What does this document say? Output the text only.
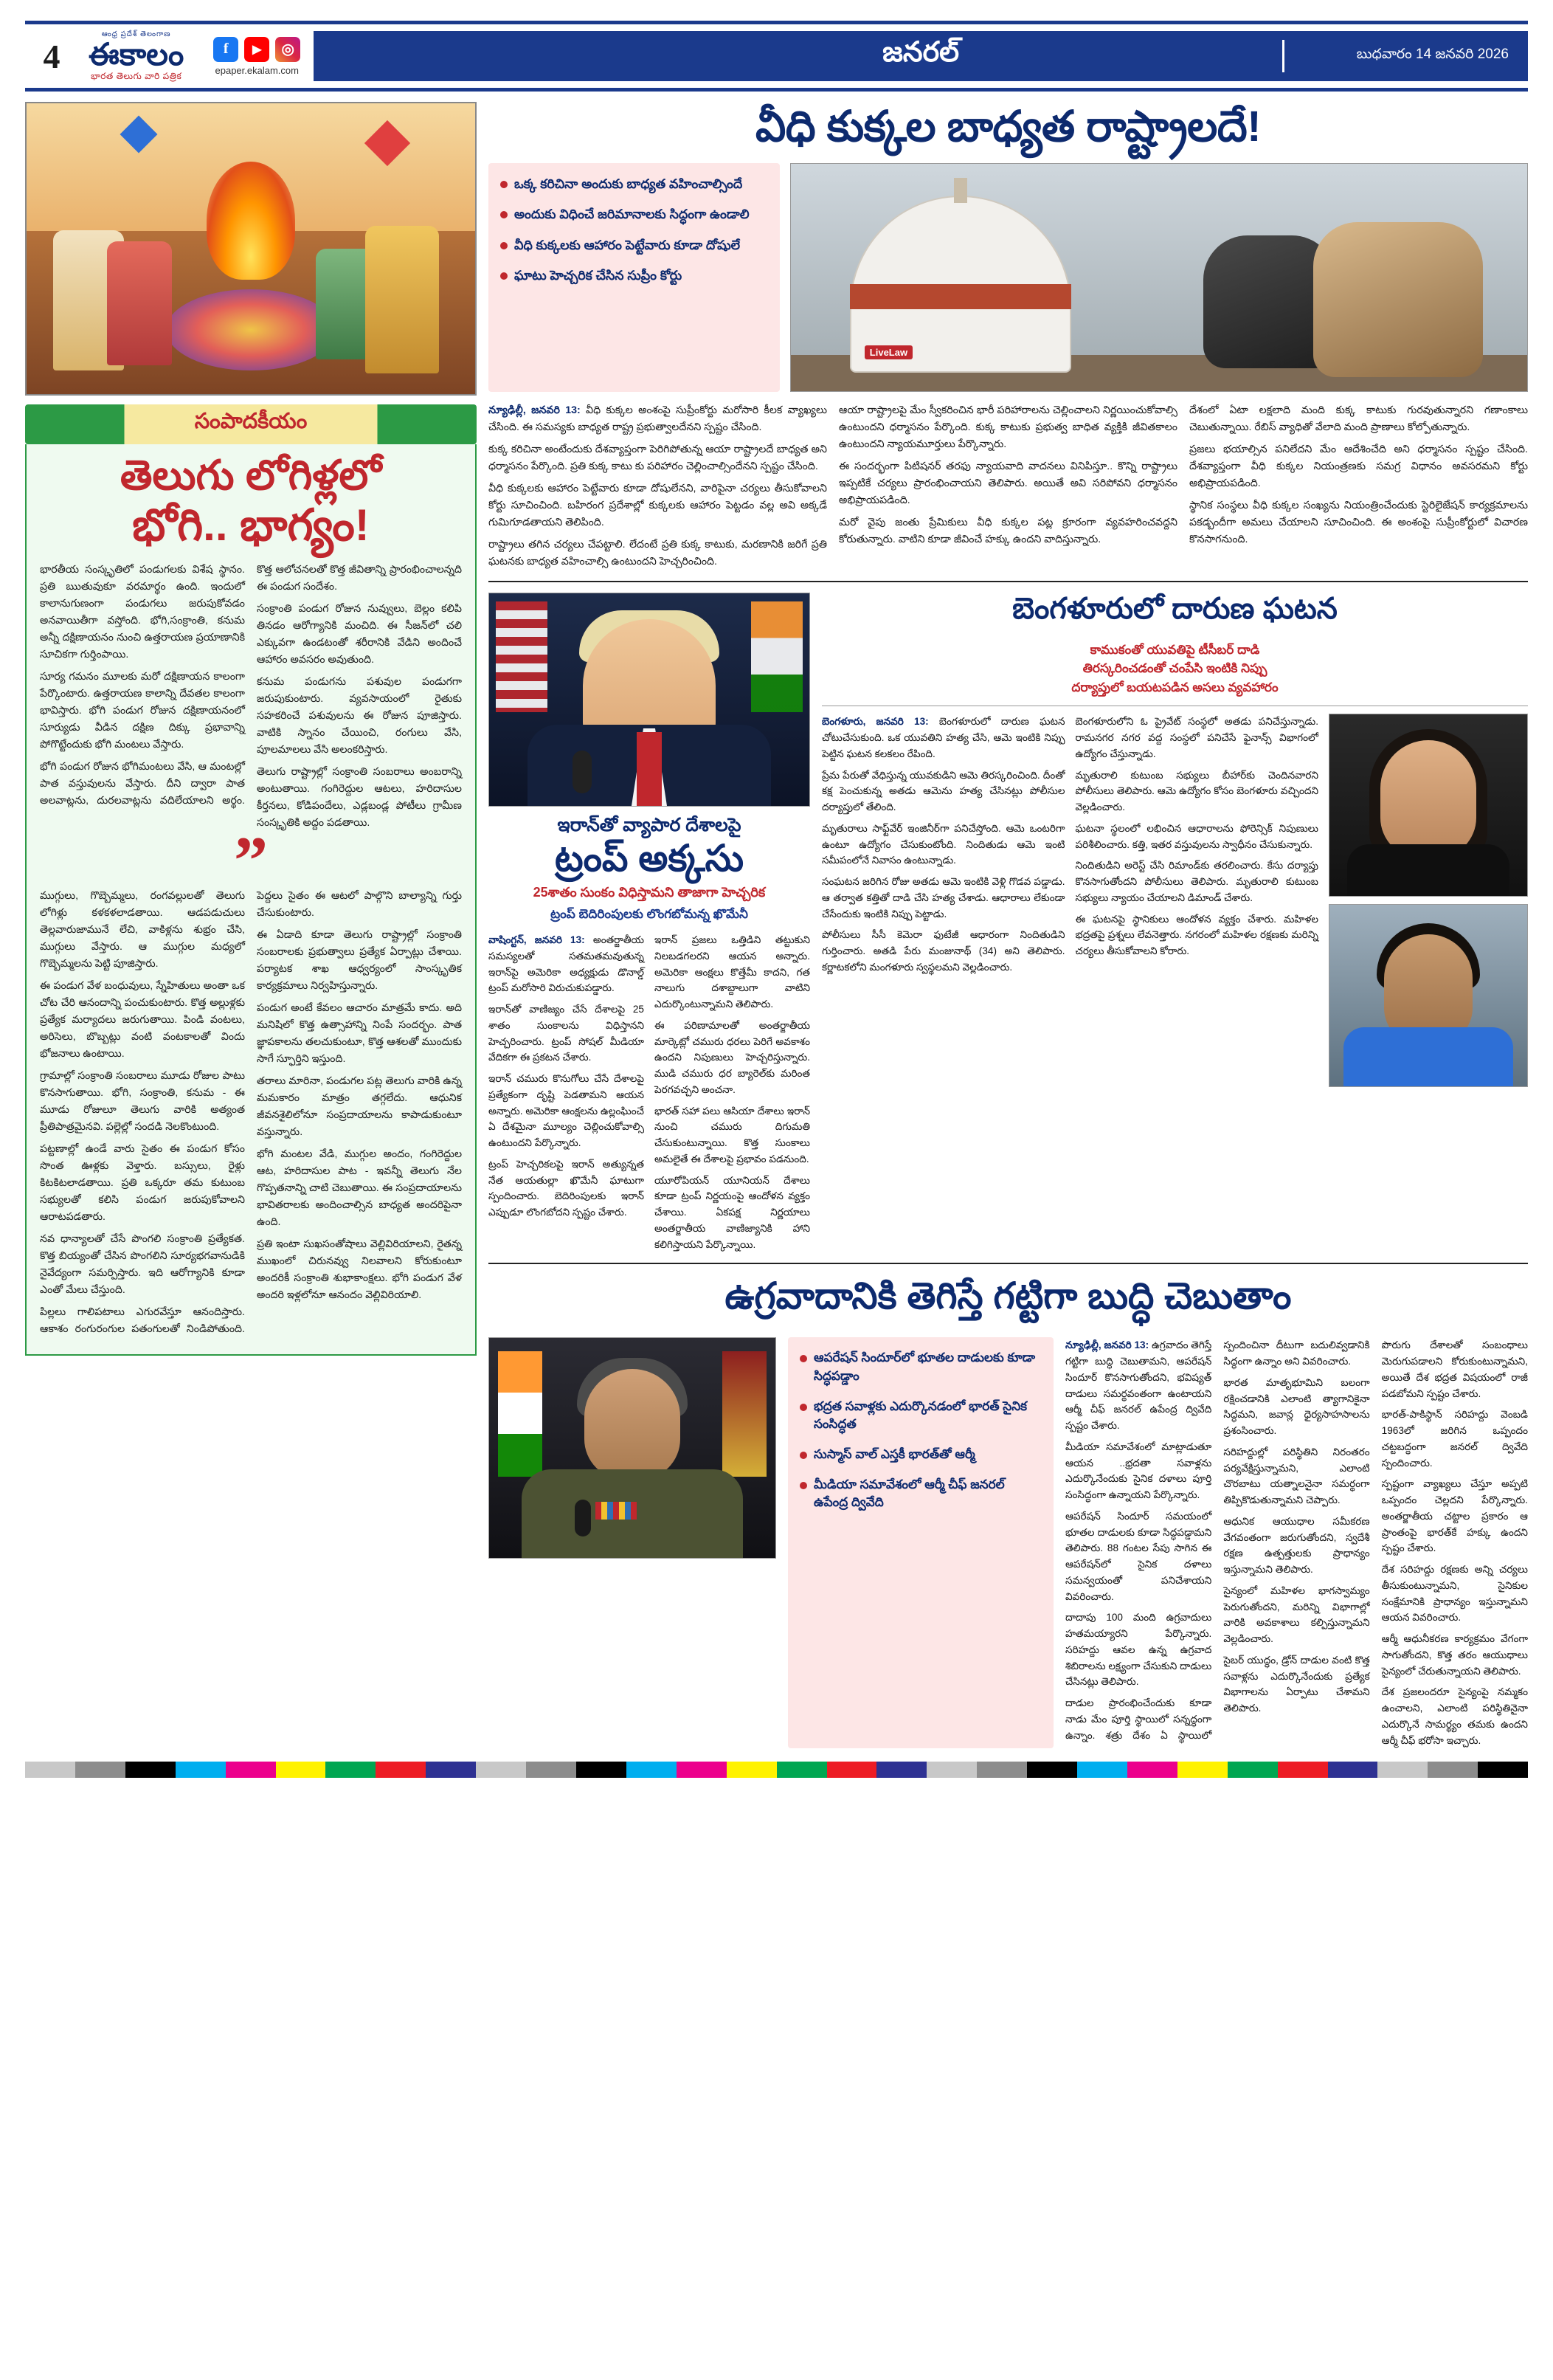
4
ఆంధ్ర ప్రదేశ్ తెలంగాణ
ఈకాలం
భారత తెలుగు వారి పత్రిక
f	▶	◎
epaper.ekalam.com
జనరల్	బుధవారం 14 జనవరి 2026
సంపాదకీయం
తెలుగు లోగిళ్లలో
భోగి.. భాగ్యం!

భారతీయ సంస్కృతిలో పండుగలకు విశేష స్థానం. ప్రతి ఋతువుకూ వరమార్థం ఉంది. ఇందులో కాలానుగుణంగా పండుగలు జరుపుకోవడం అనవాయితీగా వస్తోంది. భోగి,సంక్రాంతి, కనుమ అన్నీ దక్షిణాయనం నుంచి ఉత్తరాయణ ప్రయాణానికి సూచికగా గుర్తింపాయి.

సూర్య గమనం మూలకు మరో దక్షిణాయన కాలంగా పేర్కొంటారు. ఉత్తరాయణ కాలాన్ని దేవతల కాలంగా భావిస్తారు. భోగి పండుగ రోజున దక్షిణాయనంలో సూర్యుడు వీడిన దక్షిణ దిక్కు ప్రభావాన్ని పోగొట్టేందుకు భోగి మంటలు వేస్తారు.

భోగి పండుగ రోజున భోగిమంటలు వేసి, ఆ మంటల్లో పాత వస్తువులను వేస్తారు. దీని ద్వారా పాత అలవాట్లను, దురలవాట్లను వదిలేయాలని అర్థం. కొత్త ఆలోచనలతో కొత్త జీవితాన్ని ప్రారంభించాలన్నది ఈ పండుగ సందేశం.

సంక్రాంతి పండుగ రోజున నువ్వులు, బెల్లం కలిపి తినడం ఆరోగ్యానికి మంచిది. ఈ సీజన్‌లో చలి ఎక్కువగా ఉండటంతో శరీరానికి వేడిని అందించే ఆహారం అవసరం అవుతుంది.

కనుమ పండుగను పశువుల పండుగగా జరుపుకుంటారు. వ్యవసాయంలో రైతుకు సహకరించే పశువులను ఈ రోజున పూజిస్తారు. వాటికి స్నానం చేయించి, రంగులు వేసి, పూలమాలలు వేసి అలంకరిస్తారు.

తెలుగు రాష్ట్రాల్లో సంక్రాంతి సంబరాలు అంబరాన్ని అంటుతాయి. గంగిరెద్దుల ఆటలు, హరిదాసుల కీర్తనలు, కోడిపందేలు, ఎడ్లబండ్ల పోటీలు గ్రామీణ సంస్కృతికి అద్దం పడతాయి.

”

ముగ్గులు, గొబ్బెమ్మలు, రంగవల్లులతో తెలుగు లోగిళ్లు కళకళలాడతాయి. ఆడపడుచులు తెల్లవారుజామునే లేచి, వాకిళ్లను శుభ్రం చేసి, ముగ్గులు వేస్తారు. ఆ ముగ్గుల మధ్యలో గొబ్బెమ్మలను పెట్టి పూజిస్తారు.

ఈ పండుగ వేళ బంధువులు, స్నేహితులు అంతా ఒక చోట చేరి ఆనందాన్ని పంచుకుంటారు. కొత్త అల్లుళ్లకు ప్రత్యేక మర్యాదలు జరుగుతాయి. పిండి వంటలు, అరిసెలు, బొబ్బట్లు వంటి వంటకాలతో విందు భోజనాలు ఉంటాయి.

గ్రామాల్లో సంక్రాంతి సంబరాలు మూడు రోజుల పాటు కొనసాగుతాయి. భోగి, సంక్రాంతి, కనుమ - ఈ మూడు రోజులూ తెలుగు వారికి అత్యంత ప్రీతిపాత్రమైనవి. పల్లెల్లో సందడి నెలకొంటుంది.

పట్టణాల్లో ఉండే వారు సైతం ఈ పండుగ కోసం సొంత ఊళ్లకు వెళ్తారు. బస్సులు, రైళ్లు కిటకిటలాడతాయి. ప్రతి ఒక్కరూ తమ కుటుంబ సభ్యులతో కలిసి పండుగ జరుపుకోవాలని ఆరాటపడతారు.

నవ ధాన్యాలతో చేసే పొంగలి సంక్రాంతి ప్రత్యేకత. కొత్త బియ్యంతో చేసిన పొంగలిని సూర్యభగవానుడికి నైవేద్యంగా సమర్పిస్తారు. ఇది ఆరోగ్యానికి కూడా ఎంతో మేలు చేస్తుంది.

పిల్లలు గాలిపటాలు ఎగురవేస్తూ ఆనందిస్తారు. ఆకాశం రంగురంగుల పతంగులతో నిండిపోతుంది. పెద్దలు సైతం ఈ ఆటలో పాల్గొని బాల్యాన్ని గుర్తు చేసుకుంటారు.

ఈ ఏడాది కూడా తెలుగు రాష్ట్రాల్లో సంక్రాంతి సంబరాలకు ప్రభుత్వాలు ప్రత్యేక ఏర్పాట్లు చేశాయి. పర్యాటక శాఖ ఆధ్వర్యంలో సాంస్కృతిక కార్యక్రమాలు నిర్వహిస్తున్నారు.

పండుగ అంటే కేవలం ఆచారం మాత్రమే కాదు. అది మనిషిలో కొత్త ఉత్సాహాన్ని నింపే సందర్భం. పాత జ్ఞాపకాలను తలచుకుంటూ, కొత్త ఆశలతో ముందుకు సాగే స్ఫూర్తిని ఇస్తుంది.

తరాలు మారినా, పండుగల పట్ల తెలుగు వారికి ఉన్న మమకారం మాత్రం తగ్గలేదు. ఆధునిక జీవనశైలిలోనూ సంప్రదాయాలను కాపాడుకుంటూ వస్తున్నారు.

భోగి మంటల వేడి, ముగ్గుల అందం, గంగిరెద్దుల ఆట, హరిదాసుల పాట - ఇవన్నీ తెలుగు నేల గొప్పతనాన్ని చాటి చెబుతాయి. ఈ సంప్రదాయాలను భావితరాలకు అందించాల్సిన బాధ్యత అందరిపైనా ఉంది.

ప్రతి ఇంటా సుఖసంతోషాలు వెల్లివిరియాలని, రైతన్న ముఖంలో చిరునవ్వు నిలవాలని కోరుకుంటూ అందరికీ సంక్రాంతి శుభాకాంక్షలు. భోగి పండుగ వేళ అందరి ఇళ్లలోనూ ఆనందం వెల్లివిరియాలి.

వీధి కుక్కల బాధ్యత రాష్ట్రాలదే!
ఒక్క కరిచినా అందుకు బాధ్యత వహించాల్సిందే
అందుకు విధించే జరిమానాలకు సిద్ధంగా ఉండాలి
వీధి కుక్కలకు ఆహారం పెట్టేవారు కూడా దోషులే
ఘాటు హెచ్చరిక చేసిన సుప్రీం కోర్టు
LiveLaw

న్యూఢిల్లీ, జనవరి 13: వీధి కుక్కల అంశంపై సుప్రీంకోర్టు మరోసారి కీలక వ్యాఖ్యలు చేసింది. ఈ సమస్యకు బాధ్యత రాష్ట్ర ప్రభుత్వాలదేనని స్పష్టం చేసింది.

కుక్క కరిచినా అంటేందుకు దేశవ్యాప్తంగా పెరిగిపోతున్న ఆయా రాష్ట్రాలదే బాధ్యత అని ధర్మాసనం పేర్కొంది. ప్రతి కుక్క కాటు కు పరిహారం చెల్లించాల్సిందేనని స్పష్టం చేసింది.

వీధి కుక్కలకు ఆహారం పెట్టేవారు కూడా దోషులేనని, వారిపైనా చర్యలు తీసుకోవాలని కోర్టు సూచించింది. బహిరంగ ప్రదేశాల్లో కుక్కలకు ఆహారం పెట్టడం వల్ల అవి అక్కడే గుమిగూడతాయని తెలిపింది.

రాష్ట్రాలు తగిన చర్యలు చేపట్టాలి. లేదంటే ప్రతి కుక్క కాటుకు, మరణానికి జరిగే ప్రతి ఘటనకు బాధ్యత వహించాల్సి ఉంటుందని హెచ్చరించింది.

ఆయా రాష్ట్రాలపై మేం స్వీకరించిన భారీ పరిహారాలను చెల్లించాలని నిర్ణయించుకోవాల్సి ఉంటుందని ధర్మాసనం పేర్కొంది. కుక్క కాటుకు ప్రభుత్వ బాధిత వ్యక్తికి జీవితకాలం ఉంటుందని న్యాయమూర్తులు పేర్కొన్నారు.

ఈ సందర్భంగా పిటిషనర్ తరఫు న్యాయవాది వాదనలు వినిపిస్తూ.. కొన్ని రాష్ట్రాలు ఇప్పటికే చర్యలు ప్రారంభించాయని తెలిపారు. అయితే అవి సరిపోవని ధర్మాసనం అభిప్రాయపడింది.

మరో వైపు జంతు ప్రేమికులు వీధి కుక్కల పట్ల క్రూరంగా వ్యవహరించవద్దని కోరుతున్నారు. వాటిని కూడా జీవించే హక్కు ఉందని వాదిస్తున్నారు.

దేశంలో ఏటా లక్షలాది మంది కుక్క కాటుకు గురవుతున్నారని గణాంకాలు చెబుతున్నాయి. రేబిస్ వ్యాధితో వేలాది మంది ప్రాణాలు కోల్పోతున్నారు.

ప్రజలు భయాల్సిన పనిలేదని మేం ఆదేశించేది అని ధర్మాసనం స్పష్టం చేసింది. దేశవ్యాప్తంగా వీధి కుక్కల నియంత్రణకు సమగ్ర విధానం అవసరమని కోర్టు అభిప్రాయపడింది.

స్థానిక సంస్థలు వీధి కుక్కల సంఖ్యను నియంత్రించేందుకు స్టెరిలైజేషన్ కార్యక్రమాలను పకడ్బందీగా అమలు చేయాలని సూచించింది. ఈ అంశంపై సుప్రీంకోర్టులో విచారణ కొనసాగనుంది.

ఇరాన్‌తో వ్యాపార దేశాలపై
ట్రంప్ అక్కసు
25శాతం సుంకం విధిస్తామని తాజాగా హెచ్చరిక
ట్రంప్ బెదిరింపులకు లొంగబోమన్న ఖొమేనీ

వాషింగ్టన్, జనవరి 13: అంతర్జాతీయ సమస్యలతో సతమతమవుతున్న ఇరాన్‌పై అమెరికా అధ్యక్షుడు డొనాల్డ్ ట్రంప్ మరోసారి విరుచుకుపడ్డారు.

ఇరాన్‌తో వాణిజ్యం చేసే దేశాలపై 25 శాతం సుంకాలను విధిస్తానని హెచ్చరించారు. ట్రంప్ సోషల్ మీడియా వేదికగా ఈ ప్రకటన చేశారు.

ఇరాన్ చమురు కొనుగోలు చేసే దేశాలపై ప్రత్యేకంగా దృష్టి పెడతామని ఆయన అన్నారు. అమెరికా ఆంక్షలను ఉల్లంఘించే ఏ దేశమైనా మూల్యం చెల్లించుకోవాల్సి ఉంటుందని పేర్కొన్నారు.

ట్రంప్ హెచ్చరికలపై ఇరాన్ అత్యున్నత నేత ఆయతుల్లా ఖొమేనీ ఘాటుగా స్పందించారు. బెదిరింపులకు ఇరాన్ ఎప్పుడూ లొంగబోదని స్పష్టం చేశారు.

ఇరాన్ ప్రజలు ఒత్తిడిని తట్టుకుని నిలబడగలరని ఆయన అన్నారు. అమెరికా ఆంక్షలు కొత్తేమీ కాదని, గత నాలుగు దశాబ్దాలుగా వాటిని ఎదుర్కొంటున్నామని తెలిపారు.

ఈ పరిణామాలతో అంతర్జాతీయ మార్కెట్లో చమురు ధరలు పెరిగే అవకాశం ఉందని నిపుణులు హెచ్చరిస్తున్నారు. ముడి చమురు ధర బ్యారెల్‌కు మరింత పెరగవచ్చని అంచనా.

భారత్ సహా పలు ఆసియా దేశాలు ఇరాన్ నుంచి చమురు దిగుమతి చేసుకుంటున్నాయి. కొత్త సుంకాలు అమలైతే ఈ దేశాలపై ప్రభావం పడనుంది.

యూరోపియన్ యూనియన్ దేశాలు కూడా ట్రంప్ నిర్ణయంపై ఆందోళన వ్యక్తం చేశాయి. ఏకపక్ష నిర్ణయాలు అంతర్జాతీయ వాణిజ్యానికి హాని కలిగిస్తాయని పేర్కొన్నాయి.

బెంగళూరులో దారుణ ఘటన
కాముకంతో యువతిపై టీసీబర్ దాడి
తిరస్కరించడంతో చంపేసి ఇంటికి నిప్పు
దర్యాప్తులో బయటపడిన అసలు వ్యవహారం

బెంగళూరు, జనవరి 13: బెంగళూరులో దారుణ ఘటన చోటుచేసుకుంది. ఒక యువతిని హత్య చేసి, ఆమె ఇంటికి నిప్పు పెట్టిన ఘటన కలకలం రేపింది.

ప్రేమ పేరుతో వేధిస్తున్న యువకుడిని ఆమె తిరస్కరించింది. దీంతో కక్ష పెంచుకున్న అతడు ఆమెను హత్య చేసినట్లు పోలీసుల దర్యాప్తులో తేలింది.

మృతురాలు సాఫ్ట్‌వేర్ ఇంజినీర్‌గా పనిచేస్తోంది. ఆమె ఒంటరిగా ఉంటూ ఉద్యోగం చేసుకుంటోంది. నిందితుడు ఆమె ఇంటి సమీపంలోనే నివాసం ఉంటున్నాడు.

సంఘటన జరిగిన రోజు అతడు ఆమె ఇంటికి వెళ్లి గొడవ పడ్డాడు. ఆ తర్వాత కత్తితో దాడి చేసి హత్య చేశాడు. ఆధారాలు లేకుండా చేసేందుకు ఇంటికి నిప్పు పెట్టాడు.

పోలీసులు సీసీ కెమెరా ఫుటేజీ ఆధారంగా నిందితుడిని గుర్తించారు. అతడి పేరు మంజునాథ్ (34) అని తెలిపారు. కర్ణాటకలోని మంగళూరు స్వస్థలమని వెల్లడించారు.

బెంగళూరులోని ఓ ప్రైవేట్ సంస్థలో అతడు పనిచేస్తున్నాడు. రామనగర నగర వద్ద సంస్థలో పనిచేసే ఫైనాన్స్ విభాగంలో ఉద్యోగం చేస్తున్నాడు.

మృతురాలి కుటుంబ సభ్యులు బీహార్‌కు చెందినవారని పోలీసులు తెలిపారు. ఆమె ఉద్యోగం కోసం బెంగళూరు వచ్చిందని వెల్లడించారు.

ఘటనా స్థలంలో లభించిన ఆధారాలను ఫోరెన్సిక్ నిపుణులు పరిశీలించారు. కత్తి, ఇతర వస్తువులను స్వాధీనం చేసుకున్నారు.

నిందితుడిని అరెస్ట్ చేసి రిమాండ్‌కు తరలించారు. కేసు దర్యాప్తు కొనసాగుతోందని పోలీసులు తెలిపారు. మృతురాలి కుటుంబ సభ్యులు న్యాయం చేయాలని డిమాండ్ చేశారు.

ఈ ఘటనపై స్థానికులు ఆందోళన వ్యక్తం చేశారు. మహిళల భద్రతపై ప్రశ్నలు లేవనెత్తారు. నగరంలో మహిళల రక్షణకు మరిన్ని చర్యలు తీసుకోవాలని కోరారు.

ఉగ్రవాదానికి తెగిస్తే గట్టిగా బుద్ధి చెబుతాం
ఆపరేషన్ సిందూర్‌లో భూతల దాడులకు కూడా సిద్ధపడ్డాం
భద్రత సవాళ్లకు ఎదుర్కొనడంలో భారత్ సైనిక సంసిద్ధత
సుస్మాస్ వాల్ ఎస్తకీ భారత్‌తో ఆర్మీ
మీడియా సమావేశంలో ఆర్మీ చీఫ్ జనరల్ ఉపేంద్ర ద్వివేది

న్యూఢిల్లీ, జనవరి 13: ఉగ్రవాదం తెగిస్తే గట్టిగా బుద్ధి చెబుతామని, ఆపరేషన్ సిందూర్ కొనసాగుతోందని, భవిష్యత్ దాడులు సమర్థవంతంగా ఉంటాయని ఆర్మీ చీఫ్ జనరల్ ఉపేంద్ర ద్వివేది స్పష్టం చేశారు.

మీడియా సమావేశంలో మాట్లాడుతూ ఆయన ..భ్రదతా సవాళ్లను ఎదుర్కొనేందుకు సైనిక దళాలు పూర్తి సంసిద్ధంగా ఉన్నాయని పేర్కొన్నారు.

ఆపరేషన్ సిందూర్ సమయంలో భూతల దాడులకు కూడా సిద్ధపడ్డామని తెలిపారు. 88 గంటల సేపు సాగిన ఈ ఆపరేషన్‌లో సైనిక దళాలు సమన్వయంతో పనిచేశాయని వివరించారు.

దాదాపు 100 మంది ఉగ్రవాదులు హతమయ్యారని పేర్కొన్నారు. సరిహద్దు ఆవల ఉన్న ఉగ్రవాద శిబిరాలను లక్ష్యంగా చేసుకుని దాడులు చేసినట్లు తెలిపారు.

దాడుల ప్రారంభించేందుకు కూడా నాడు మేం పూర్తి స్థాయిలో సన్నద్ధంగా ఉన్నాం. శత్రు దేశం ఏ స్థాయిలో స్పందించినా దీటుగా బదులివ్వడానికి సిద్ధంగా ఉన్నాం అని వివరించారు.

భారత మాతృభూమిని బలంగా రక్షించడానికి ఎలాంటి త్యాగానికైనా సిద్ధమని, జవాన్ల ధైర్యసాహసాలను ప్రశంసించారు.

సరిహద్దుల్లో పరిస్థితిని నిరంతరం పర్యవేక్షిస్తున్నామని, ఎలాంటి చొరబాటు యత్నాలనైనా సమర్థంగా తిప్పికొడుతున్నామని చెప్పారు.

ఆధునిక ఆయుధాల సమీకరణ వేగవంతంగా జరుగుతోందని, స్వదేశీ రక్షణ ఉత్పత్తులకు ప్రాధాన్యం ఇస్తున్నామని తెలిపారు.

సైన్యంలో మహిళల భాగస్వామ్యం పెరుగుతోందని, మరిన్ని విభాగాల్లో వారికి అవకాశాలు కల్పిస్తున్నామని వెల్లడించారు.

సైబర్ యుద్ధం, డ్రోన్ దాడుల వంటి కొత్త సవాళ్లను ఎదుర్కొనేందుకు ప్రత్యేక విభాగాలను ఏర్పాటు చేశామని తెలిపారు.

పొరుగు దేశాలతో సంబంధాలు మెరుగుపడాలని కోరుకుంటున్నామని, అయితే దేశ భద్రత విషయంలో రాజీ పడబోమని స్పష్టం చేశారు.

భారత్-పాకిస్థాన్ సరిహద్దు వెంబడి 1963లో జరిగిన ఒప్పందం చట్టబద్ధంగా జనరల్ ద్వివేది స్పందించారు.

స్పష్టంగా వ్యాఖ్యలు చేస్తూ అప్పటి ఒప్పందం చెల్లదని పేర్కొన్నారు. అంతర్జాతీయ చట్టాల ప్రకారం ఆ ప్రాంతంపై భారత్‌కే హక్కు ఉందని స్పష్టం చేశారు.

దేశ సరిహద్దు రక్షణకు అన్ని చర్యలు తీసుకుంటున్నామని, సైనికుల సంక్షేమానికి ప్రాధాన్యం ఇస్తున్నామని ఆయన వివరించారు.

ఆర్మీ ఆధునీకరణ కార్యక్రమం వేగంగా సాగుతోందని, కొత్త తరం ఆయుధాలు సైన్యంలో చేరుతున్నాయని తెలిపారు.

దేశ ప్రజలందరూ సైన్యంపై నమ్మకం ఉంచాలని, ఎలాంటి పరిస్థితినైనా ఎదుర్కొనే సామర్థ్యం తమకు ఉందని ఆర్మీ చీఫ్ భరోసా ఇచ్చారు.
